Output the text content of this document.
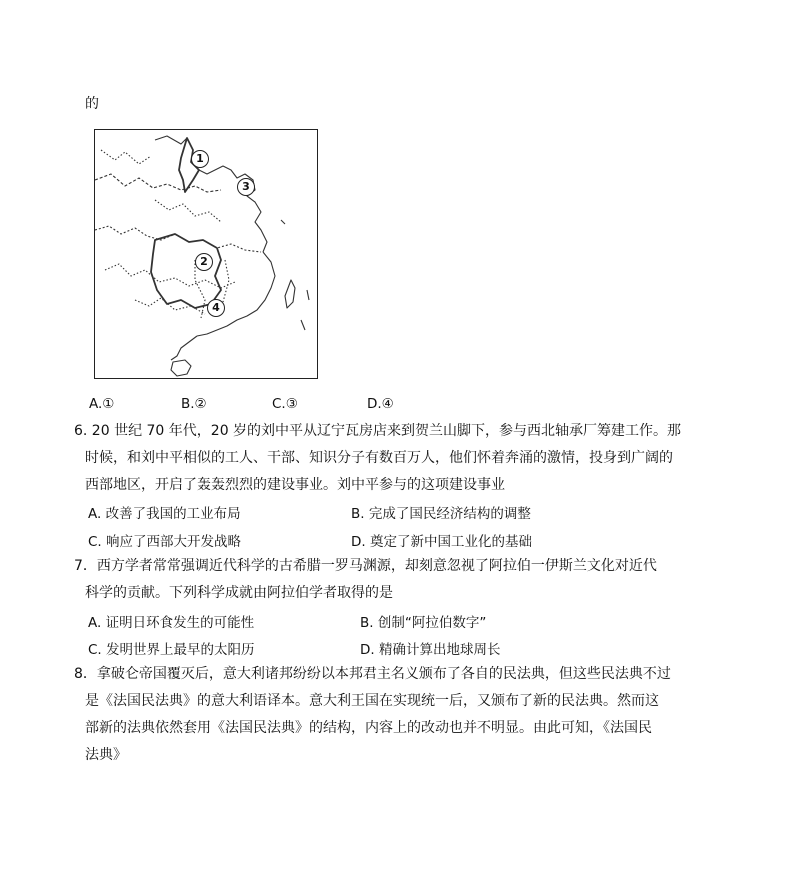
的
1
3
2
4
A.①	B.②	C.③	D.④
6. 20 世纪 70 年代，20 岁的刘中平从辽宁瓦房店来到贺兰山脚下，参与西北轴承厂筹建工作。那
时候，和刘中平相似的工人、干部、知识分子有数百万人，他们怀着奔涌的激情，投身到广阔的
西部地区，开启了轰轰烈烈的建设事业。刘中平参与的这项建设事业
A. 改善了我国的工业布局	B. 完成了国民经济结构的调整
C. 响应了西部大开发战略	D. 奠定了新中国工业化的基础
7．西方学者常常强调近代科学的古希腊一罗马渊源，却刻意忽视了阿拉伯一伊斯兰文化对近代
科学的贡献。下列科学成就由阿拉伯学者取得的是
A. 证明日环食发生的可能性	B. 创制“阿拉伯数字”
C. 发明世界上最早的太阳历	D. 精确计算出地球周长
8．拿破仑帝国覆灭后，意大利诸邦纷纷以本邦君主名义颁布了各自的民法典，但这些民法典不过
是《法国民法典》的意大利语译本。意大利王国在实现统一后，又颁布了新的民法典。然而这
部新的法典依然套用《法国民法典》的结构，内容上的改动也并不明显。由此可知，《法国民
法典》
